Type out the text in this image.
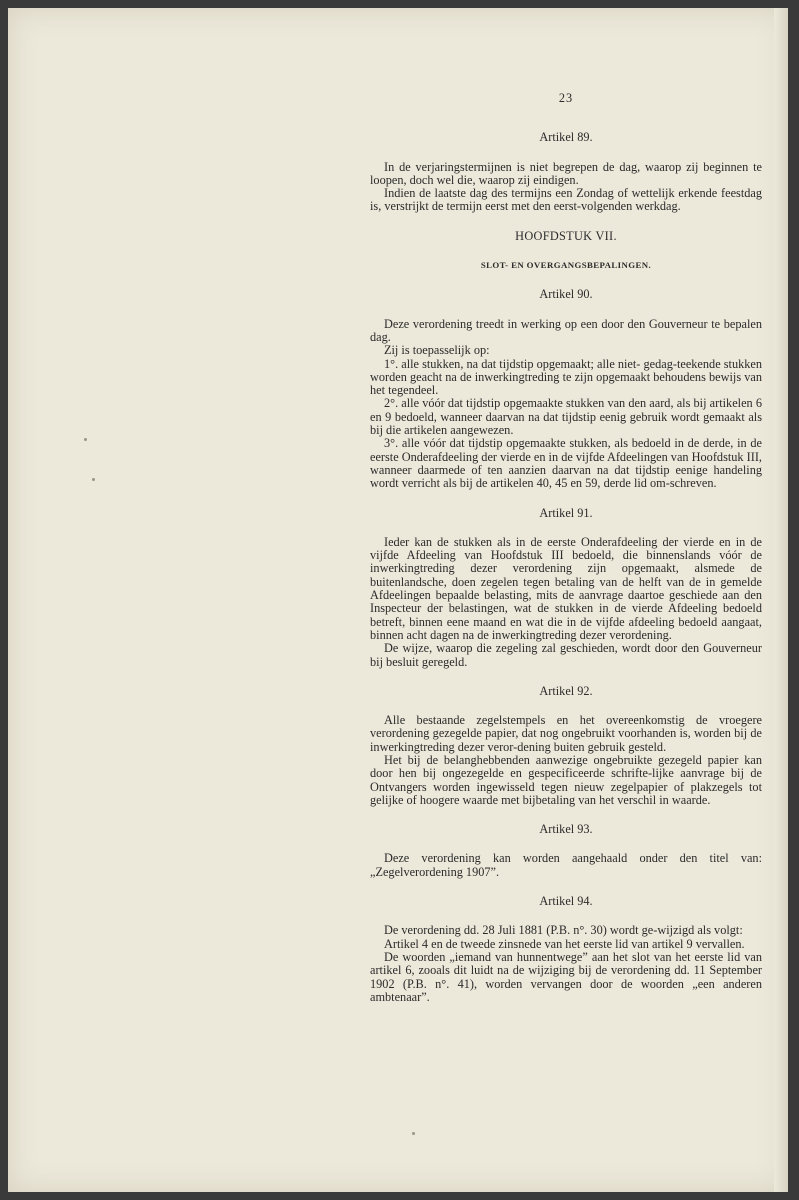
23
Artikel 89.

In de verjaringstermijnen is niet begrepen de dag, waarop zij beginnen te loopen, doch wel die, waarop zij eindigen.

Indien de laatste dag des termijns een Zondag of wettelijk erkende feestdag is, verstrijkt de termijn eerst met den eerst-volgenden werkdag.

HOOFDSTUK VII.
SLOT- EN OVERGANGSBEPALINGEN.
Artikel 90.

Deze verordening treedt in werking op een door den Gouverneur te bepalen dag.

Zij is toepasselijk op:

1°. alle stukken, na dat tijdstip opgemaakt; alle niet- gedag-teekende stukken worden geacht na de inwerkingtreding te zijn opgemaakt behoudens bewijs van het tegendeel.

2°. alle vóór dat tijdstip opgemaakte stukken van den aard, als bij artikelen 6 en 9 bedoeld, wanneer daarvan na dat tijdstip eenig gebruik wordt gemaakt als bij die artikelen aangewezen.

3°. alle vóór dat tijdstip opgemaakte stukken, als bedoeld in de derde, in de eerste Onderafdeeling der vierde en in de vijfde Afdeelingen van Hoofdstuk III, wanneer daarmede of ten aanzien daarvan na dat tijdstip eenige handeling wordt verricht als bij de artikelen 40, 45 en 59, derde lid om-schreven.

Artikel 91.

Ieder kan de stukken als in de eerste Onderafdeeling der vierde en in de vijfde Afdeeling van Hoofdstuk III bedoeld, die binnenslands vóór de inwerkingtreding dezer verordening zijn opgemaakt, alsmede de buitenlandsche, doen zegelen tegen betaling van de helft van de in gemelde Afdeelingen bepaalde belasting, mits de aanvrage daartoe geschiede aan den Inspecteur der belastingen, wat de stukken in de vierde Afdeeling bedoeld betreft, binnen eene maand en wat die in de vijfde afdeeling bedoeld aangaat, binnen acht dagen na de inwerkingtreding dezer verordening.

De wijze, waarop die zegeling zal geschieden, wordt door den Gouverneur bij besluit geregeld.

Artikel 92.

Alle bestaande zegelstempels en het overeenkomstig de vroegere verordening gezegelde papier, dat nog ongebruikt voorhanden is, worden bij de inwerkingtreding dezer veror-dening buiten gebruik gesteld.

Het bij de belanghebbenden aanwezige ongebruikte gezegeld papier kan door hen bij ongezegelde en gespecificeerde schrifte-lijke aanvrage bij de Ontvangers worden ingewisseld tegen nieuw zegelpapier of plakzegels tot gelijke of hoogere waarde met bijbetaling van het verschil in waarde.

Artikel 93.

Deze verordening kan worden aangehaald onder den titel van: „Zegelverordening 1907”.

Artikel 94.

De verordening dd. 28 Juli 1881 (P.B. n°. 30) wordt ge-wijzigd als volgt:

Artikel 4 en de tweede zinsnede van het eerste lid van artikel 9 vervallen.

De woorden „iemand van hunnentwege” aan het slot van het eerste lid van artikel 6, zooals dit luidt na de wijziging bij de verordening dd. 11 September 1902 (P.B. n°. 41), worden vervangen door de woorden „een anderen ambtenaar”.
